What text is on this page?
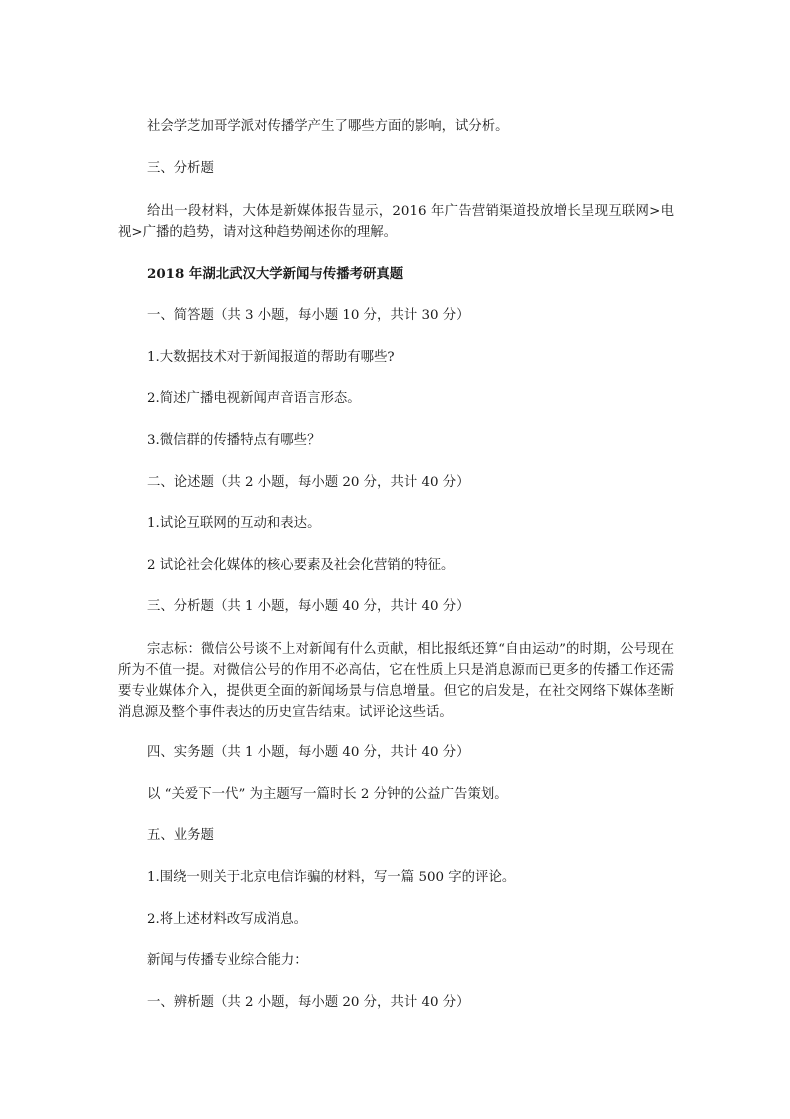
社会学芝加哥学派对传播学产生了哪些方面的影响，试分析。
三、分析题
给出一段材料，大体是新媒体报告显示，2016 年广告营销渠道投放增长呈现互联网>电视>广播的趋势，请对这种趋势阐述你的理解。
2018 年湖北武汉大学新闻与传播考研真题
一、简答题（共 3 小题，每小题 10 分，共计 30 分）
1.大数据技术对于新闻报道的帮助有哪些?
2.简述广播电视新闻声音语言形态。
3.微信群的传播特点有哪些？
二、论述题（共 2 小题，每小题 20 分，共计 40 分）
1.试论互联网的互动和表达。
2 试论社会化媒体的核心要素及社会化营销的特征。
三、分析题（共 1 小题，每小题 40 分，共计 40 分）
宗志标：微信公号谈不上对新闻有什么贡献，相比报纸还算“自由运动”的时期，公号现在所为不值一提。对微信公号的作用不必高估，它在性质上只是消息源而已更多的传播工作还需要专业媒体介入，提供更全面的新闻场景与信息增量。但它的启发是，在社交网络下媒体垄断消息源及整个事件表达的历史宣告结束。试评论这些话。
四、实务题（共 1 小题，每小题 40 分，共计 40 分）
以 “关爱下一代” 为主题写一篇时长 2 分钟的公益广告策划。
五、业务题
1.围绕一则关于北京电信诈骗的材料，写一篇 500 字的评论。
2.将上述材料改写成消息。
新闻与传播专业综合能力：
一、辨析题（共 2 小题，每小题 20 分，共计 40 分）
